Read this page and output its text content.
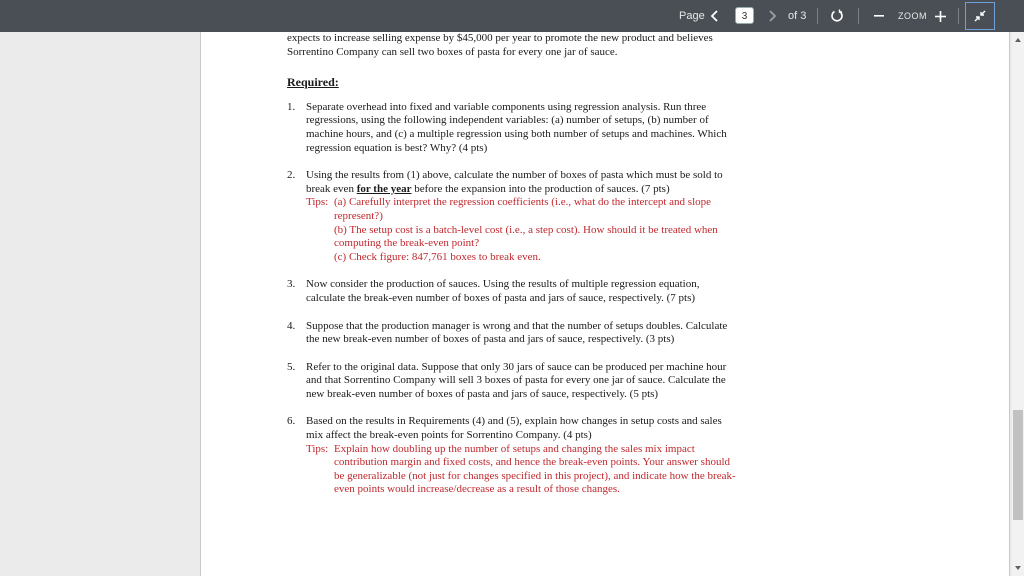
Page	3	of 3	ZOOM

expects to increase selling expense by $45,000 per year to promote the new product and believes Sorrentino Company can sell two boxes of pasta for every one jar of sauce.

Required:
1. Separate overhead into fixed and variable components using regression analysis. Run three regressions, using the following independent variables: (a) number of setups, (b) number of machine hours, and (c) a multiple regression using both number of setups and machines. Which regression equation is best? Why? (4 pts)
2. Using the results from (1) above, calculate the number of boxes of pasta which must be sold to break even for the year before the expansion into the production of sauces. (7 pts)
Tips: (a) Carefully interpret the regression coefficients (i.e., what do the intercept and slope represent?)
(b) The setup cost is a batch-level cost (i.e., a step cost). How should it be treated when computing the break-even point?
(c) Check figure: 847,761 boxes to break even.
3. Now consider the production of sauces. Using the results of multiple regression equation, calculate the break-even number of boxes of pasta and jars of sauce, respectively. (7 pts)
4. Suppose that the production manager is wrong and that the number of setups doubles. Calculate the new break-even number of boxes of pasta and jars of sauce, respectively. (3 pts)
5. Refer to the original data. Suppose that only 30 jars of sauce can be produced per machine hour and that Sorrentino Company will sell 3 boxes of pasta for every one jar of sauce. Calculate the new break-even number of boxes of pasta and jars of sauce, respectively. (5 pts)
6. Based on the results in Requirements (4) and (5), explain how changes in setup costs and sales mix affect the break-even points for Sorrentino Company. (4 pts)
Tips: Explain how doubling up the number of setups and changing the sales mix impact contribution margin and fixed costs, and hence the break-even points. Your answer should be generalizable (not just for changes specified in this project), and indicate how the break-even points would increase/decrease as a result of those changes.
